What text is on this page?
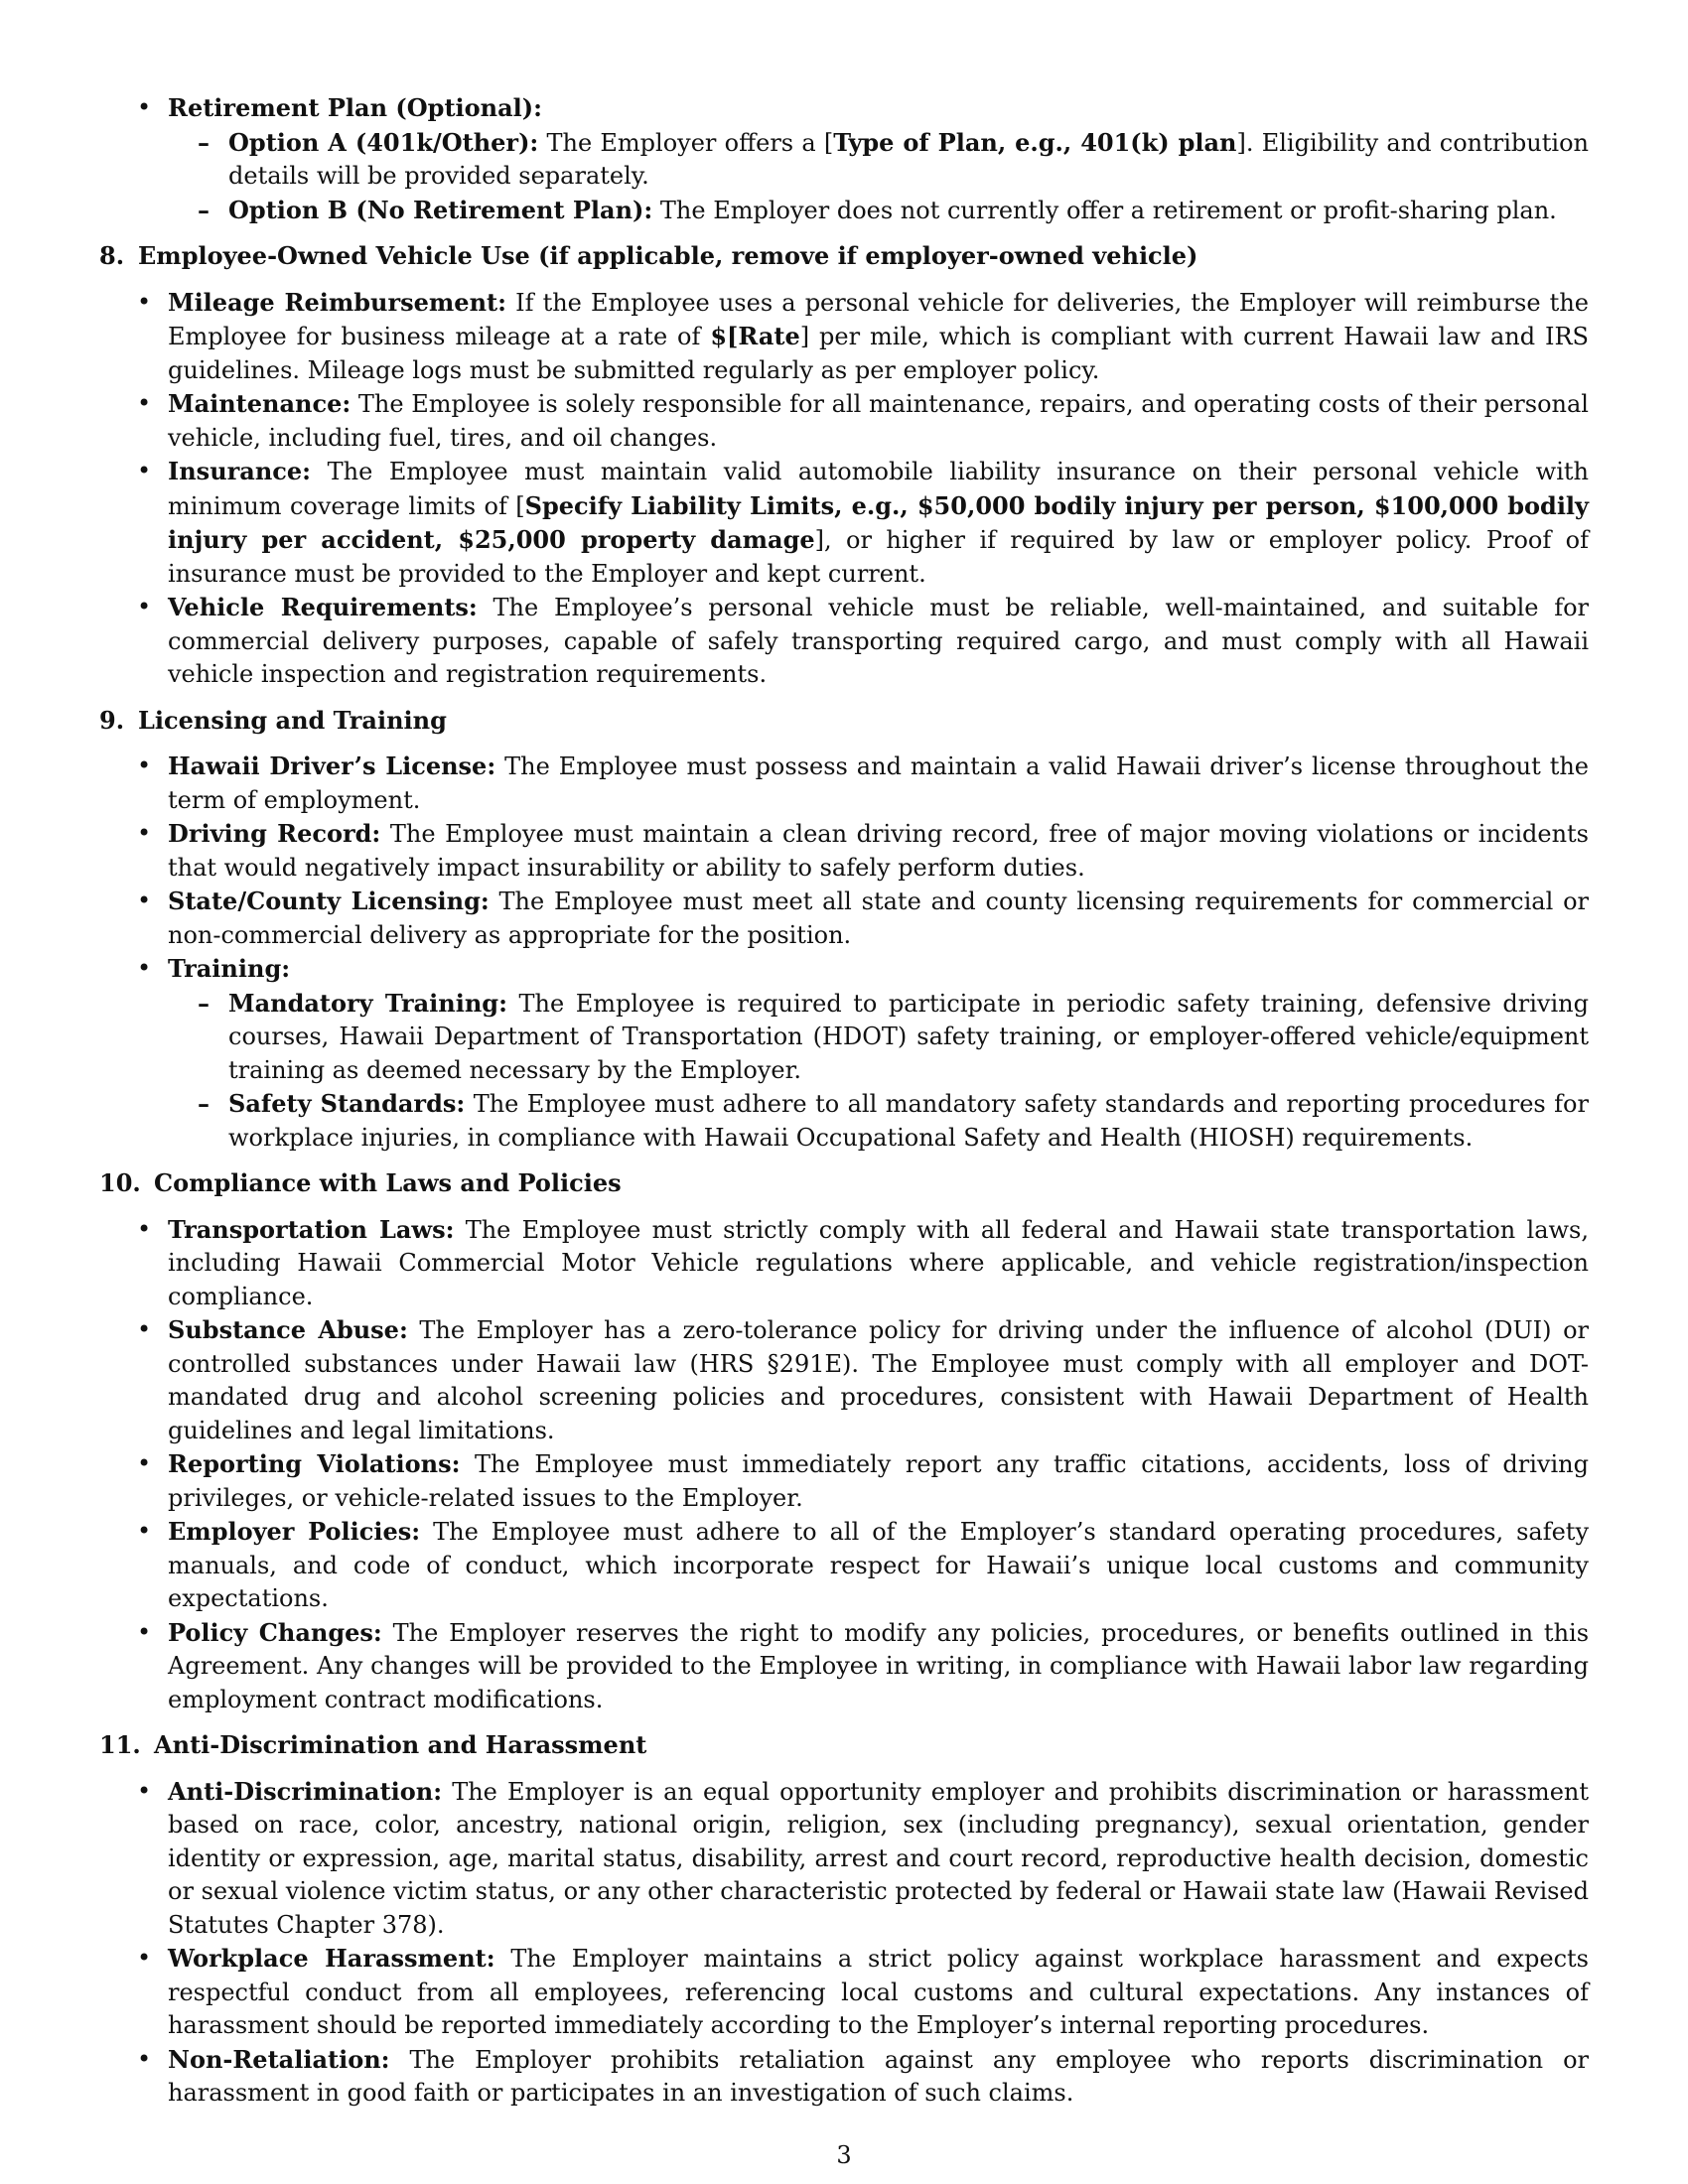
• Retirement Plan (Optional):
– Option A (401k/Other): The Employer offers a [Type of Plan, e.g., 401(k) plan]. Eligibility and contribution details will be provided separately.
– Option B (No Retirement Plan): The Employer does not currently offer a retirement or profit-sharing plan.
8. Employee-Owned Vehicle Use (if applicable, remove if employer-owned vehicle)
• Mileage Reimbursement: If the Employee uses a personal vehicle for deliveries, the Employer will reimburse the Employee for business mileage at a rate of $[Rate] per mile, which is compliant with current Hawaii law and IRS guidelines. Mileage logs must be submitted regularly as per employer policy.
• Maintenance: The Employee is solely responsible for all maintenance, repairs, and operating costs of their personal vehicle, including fuel, tires, and oil changes.
• Insurance: The Employee must maintain valid automobile liability insurance on their personal vehicle with minimum coverage limits of [Specify Liability Limits, e.g., $50,000 bodily injury per person, $100,000 bodily injury per accident, $25,000 property damage], or higher if required by law or employer policy. Proof of insurance must be provided to the Employer and kept current.
• Vehicle Requirements: The Employee’s personal vehicle must be reliable, well-maintained, and suitable for commercial delivery purposes, capable of safely transporting required cargo, and must comply with all Hawaii vehicle inspection and registration requirements.
9. Licensing and Training
• Hawaii Driver’s License: The Employee must possess and maintain a valid Hawaii driver’s license throughout the term of employment.
• Driving Record: The Employee must maintain a clean driving record, free of major moving violations or incidents that would negatively impact insurability or ability to safely perform duties.
• State/County Licensing: The Employee must meet all state and county licensing requirements for commercial or non-commercial delivery as appropriate for the position.
• Training:
– Mandatory Training: The Employee is required to participate in periodic safety training, defensive driving courses, Hawaii Department of Transportation (HDOT) safety training, or employer-offered vehicle/equipment training as deemed necessary by the Employer.
– Safety Standards: The Employee must adhere to all mandatory safety standards and reporting procedures for workplace injuries, in compliance with Hawaii Occupational Safety and Health (HIOSH) requirements.
10. Compliance with Laws and Policies
• Transportation Laws: The Employee must strictly comply with all federal and Hawaii state transportation laws, including Hawaii Commercial Motor Vehicle regulations where applicable, and vehicle registration/inspection compliance.
• Substance Abuse: The Employer has a zero-tolerance policy for driving under the influence of alcohol (DUI) or controlled substances under Hawaii law (HRS §291E). The Employee must comply with all employer and DOT-mandated drug and alcohol screening policies and procedures, consistent with Hawaii Department of Health guidelines and legal limitations.
• Reporting Violations: The Employee must immediately report any traffic citations, accidents, loss of driving privileges, or vehicle-related issues to the Employer.
• Employer Policies: The Employee must adhere to all of the Employer’s standard operating procedures, safety manuals, and code of conduct, which incorporate respect for Hawaii’s unique local customs and community expectations.
• Policy Changes: The Employer reserves the right to modify any policies, procedures, or benefits outlined in this Agreement. Any changes will be provided to the Employee in writing, in compliance with Hawaii labor law regarding employment contract modifications.
11. Anti-Discrimination and Harassment
• Anti-Discrimination: The Employer is an equal opportunity employer and prohibits discrimination or harassment based on race, color, ancestry, national origin, religion, sex (including pregnancy), sexual orientation, gender identity or expression, age, marital status, disability, arrest and court record, reproductive health decision, domestic or sexual violence victim status, or any other characteristic protected by federal or Hawaii state law (Hawaii Revised Statutes Chapter 378).
• Workplace Harassment: The Employer maintains a strict policy against workplace harassment and expects respectful conduct from all employees, referencing local customs and cultural expectations. Any instances of harassment should be reported immediately according to the Employer’s internal reporting procedures.
• Non-Retaliation: The Employer prohibits retaliation against any employee who reports discrimination or harassment in good faith or participates in an investigation of such claims.
3
